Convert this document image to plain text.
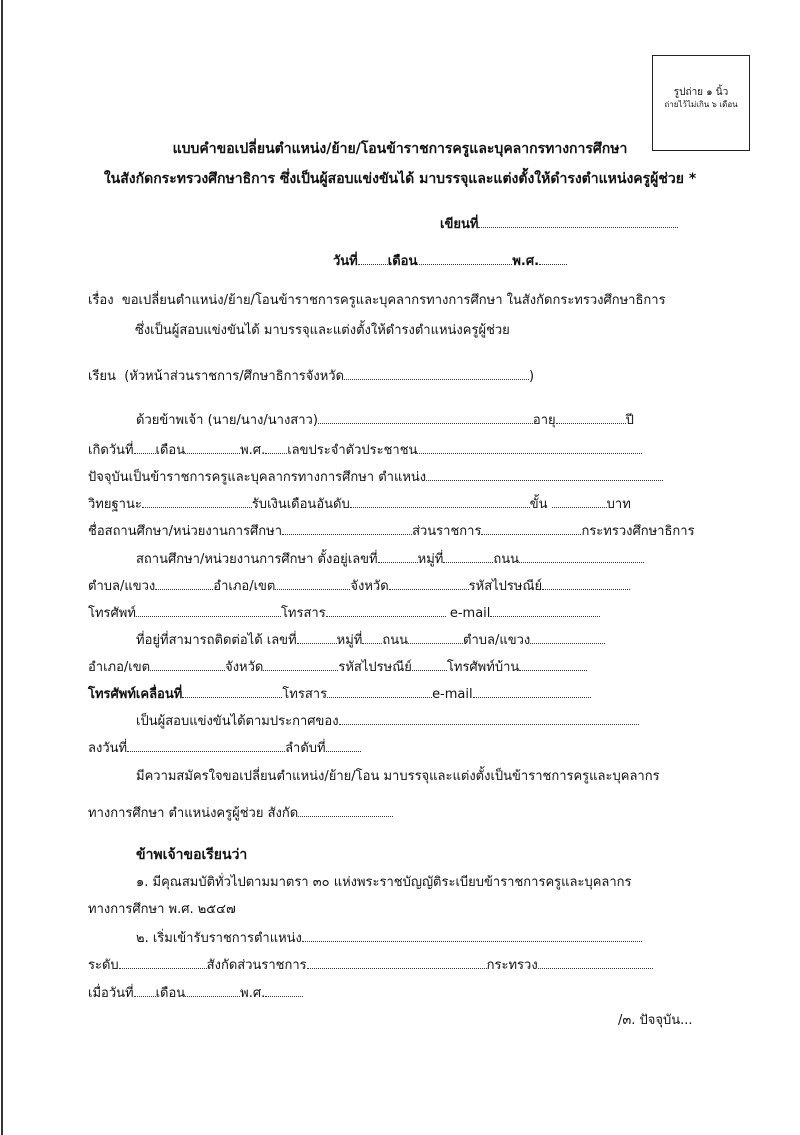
รูปถ่าย ๑ นิ้ว
ถ่ายไว้ไม่เกิน ๖ เดือน
แบบคำขอเปลี่ยนตำแหน่ง/ย้าย/โอนข้าราชการครูและบุคลากรทางการศึกษา
ในสังกัดกระทรวงศึกษาธิการ ซึ่งเป็นผู้สอบแข่งขันได้ มาบรรจุและแต่งตั้งให้ดำรงตำแหน่งครูผู้ช่วย *
เขียนที่
วันที่ เดือน	พ.ศ.
เรื่อง ขอเปลี่ยนตำแหน่ง/ย้าย/โอนข้าราชการครูและบุคลากรทางการศึกษา ในสังกัดกระทรวงศึกษาธิการ
ซึ่งเป็นผู้สอบแข่งขันได้ มาบรรจุและแต่งตั้งให้ดำรงตำแหน่งครูผู้ช่วย
เรียน (หัวหน้าส่วนราชการ/ศึกษาธิการจังหวัด	)
ด้วยข้าพเจ้า (นาย/นาง/นางสาว)	อายุ	ปี
เกิดวันที่ เดือน	พ.ศ. เลขประจำตัวประชาชน
ปัจจุบันเป็นข้าราชการครูและบุคลากรทางการศึกษา ตำแหน่ง
วิทยฐานะ	รับเงินเดือนอันดับ	ขั้น	บาท
ชื่อสถานศึกษา/หน่วยงานการศึกษา	ส่วนราชการ	กระทรวงศึกษาธิการ
สถานศึกษา/หน่วยงานการศึกษา ตั้งอยู่เลขที่	หมู่ที่	ถนน
ตำบล/แขวง	อำเภอ/เขต	จังหวัด	รหัสไปรษณีย์
โทรศัพท์	โทรสาร	e-mail
ที่อยู่ที่สามารถติดต่อได้ เลขที่	หมู่ที่ ถนน	ตำบล/แขวง
อำเภอ/เขต	จังหวัด	รหัสไปรษณีย์	โทรศัพท์บ้าน
โทรศัพท์เคลื่อนที่	โทรสาร	e-mail
เป็นผู้สอบแข่งขันได้ตามประกาศของ
ลงวันที่	ลำดับที่
มีความสมัครใจขอเปลี่ยนตำแหน่ง/ย้าย/โอน มาบรรจุและแต่งตั้งเป็นข้าราชการครูและบุคลากร
ทางการศึกษา ตำแหน่งครูผู้ช่วย สังกัด
ข้าพเจ้าขอเรียนว่า
๑. มีคุณสมบัติทั่วไปตามมาตรา ๓๐ แห่งพระราชบัญญัติระเบียบข้าราชการครูและบุคลากร
ทางการศึกษา พ.ศ. ๒๕๔๗
๒. เริ่มเข้ารับราชการตำแหน่ง
ระดับ	สังกัดส่วนราชการ	กระทรวง
เมื่อวันที่ เดือน	พ.ศ.
/๓. ปัจจุบัน...
